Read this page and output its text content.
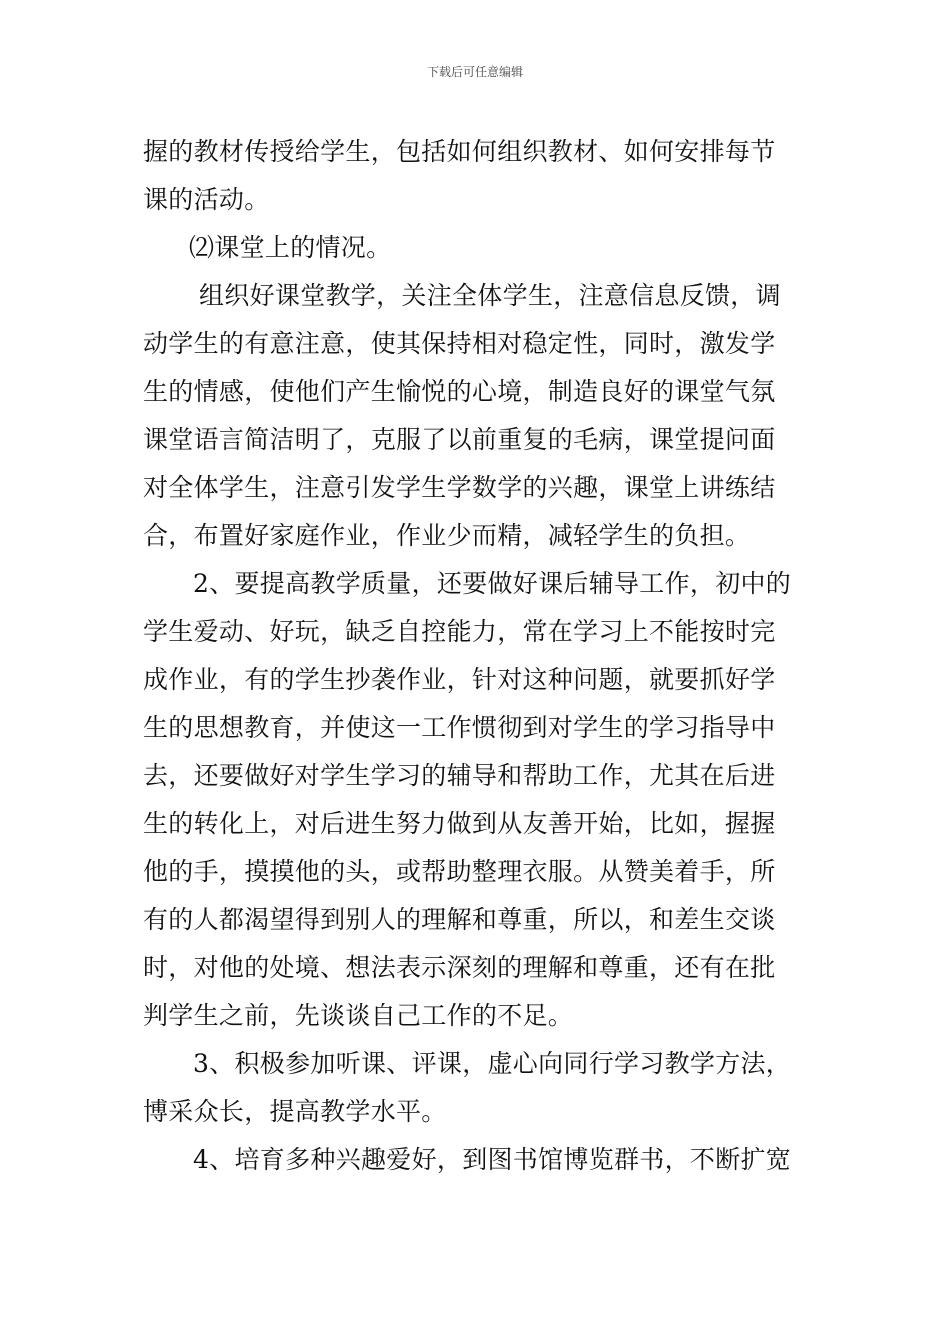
下载后可任意编辑
握的教材传授给学生，包括如何组织教材、如何安排每节
课的活动。
⑵课堂上的情况。
组织好课堂教学，关注全体学生，注意信息反馈，调
动学生的有意注意，使其保持相对稳定性，同时，激发学
生的情感，使他们产生愉悦的心境，制造良好的课堂气氛
课堂语言简洁明了，克服了以前重复的毛病，课堂提问面
对全体学生，注意引发学生学数学的兴趣，课堂上讲练结
合，布置好家庭作业，作业少而精，减轻学生的负担。
2、要提高教学质量，还要做好课后辅导工作，初中的
学生爱动、好玩，缺乏自控能力，常在学习上不能按时完
成作业，有的学生抄袭作业，针对这种问题，就要抓好学
生的思想教育，并使这一工作惯彻到对学生的学习指导中
去，还要做好对学生学习的辅导和帮助工作，尤其在后进
生的转化上，对后进生努力做到从友善开始，比如，握握
他的手，摸摸他的头，或帮助整理衣服。从赞美着手，所
有的人都渴望得到别人的理解和尊重，所以，和差生交谈
时，对他的处境、想法表示深刻的理解和尊重，还有在批
判学生之前，先谈谈自己工作的不足。
3、积极参加听课、评课，虚心向同行学习教学方法，
博采众长，提高教学水平。
4、培育多种兴趣爱好，到图书馆博览群书，不断扩宽
